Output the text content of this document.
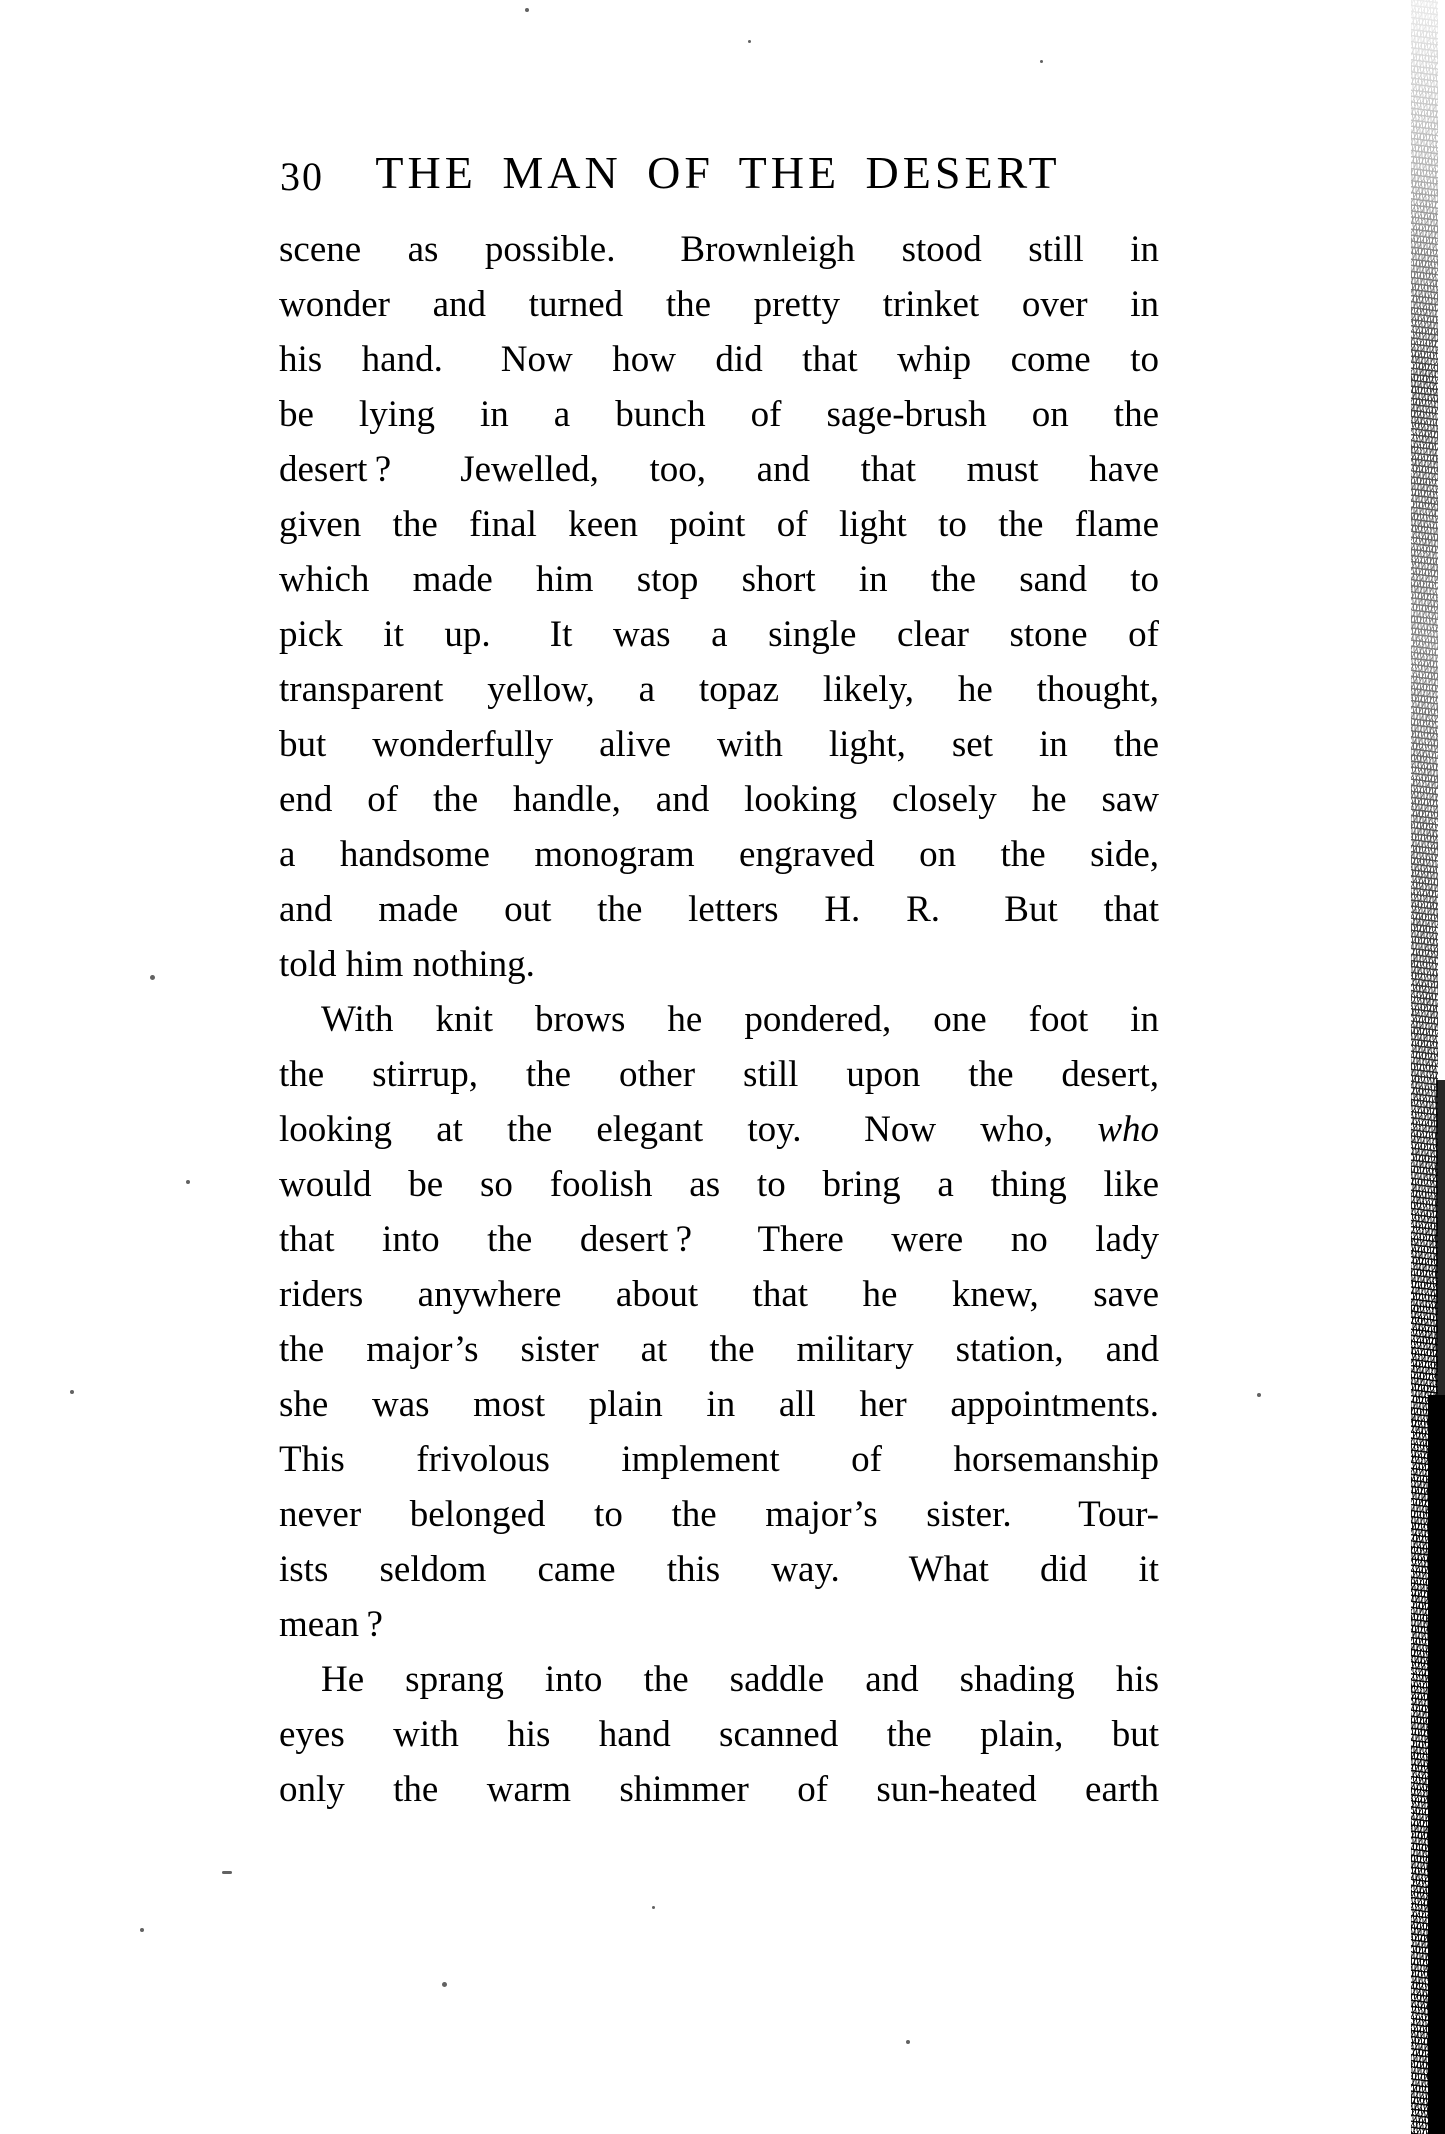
30	THE MAN OF THE DESERT
scene as possible.  Brownleigh stood still in
wonder and turned the pretty trinket over in
his hand.  Now how did that whip come to
be lying in a bunch of sage-brush on the
desert ?  Jewelled, too, and that must have
given the final keen point of light to the flame
which made him stop short in the sand to
pick it up.  It was a single clear stone of
transparent yellow, a topaz likely, he thought,
but wonderfully alive with light, set in the
end of the handle, and looking closely he saw
a handsome monogram engraved on the side,
and made out the letters H. R.  But that
told him nothing.
With knit brows he pondered, one foot in
the stirrup, the other still upon the desert,
looking at the elegant toy.  Now who, who
would be so foolish as to bring a thing like
that into the desert ?  There were no lady
riders anywhere about that he knew, save
the major’s sister at the military station, and
she was most plain in all her appointments.
This frivolous implement of horsemanship
never belonged to the major’s sister.  Tour-
ists seldom came this way.  What did it
mean ?
He sprang into the saddle and shading his
eyes with his hand scanned the plain, but
only the warm shimmer of sun-heated earth
